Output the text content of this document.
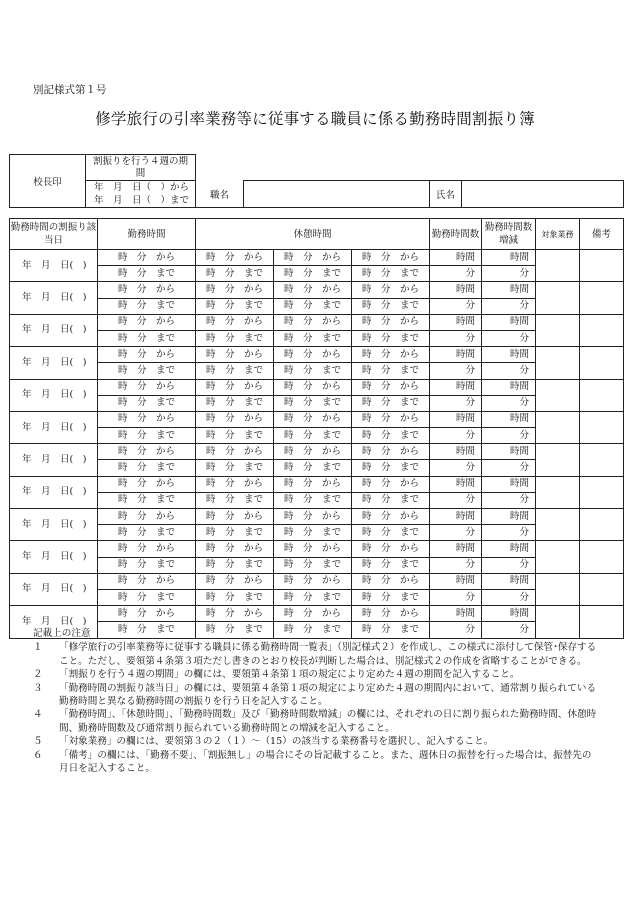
別記様式第１号
修学旅行の引率業務等に従事する職員に係る勤務時間割振り簿
校長印	割振りを行う４週の期間				

	年　月　日（　）から
年　月　日（　）まで	職名		氏名	
勤務時間の割振り該当日	勤務時間	休憩時間			勤務時間数	勤務時間数増減	対象業務	備考
年　月　日(　)	時　分　から	時　分　から	時　分　から	時　分　から	時間	時間		
	時　分　まで	時　分　まで	時　分　まで	時　分　まで	分	分		
年　月　日(　)	時　分　から	時　分　から	時　分　から	時　分　から	時間	時間		
	時　分　まで	時　分　まで	時　分　まで	時　分　まで	分	分		
年　月　日(　)	時　分　から	時　分　から	時　分　から	時　分　から	時間	時間		
	時　分　まで	時　分　まで	時　分　まで	時　分　まで	分	分		
年　月　日(　)	時　分　から	時　分　から	時　分　から	時　分　から	時間	時間		
	時　分　まで	時　分　まで	時　分　まで	時　分　まで	分	分		
年　月　日(　)	時　分　から	時　分　から	時　分　から	時　分　から	時間	時間		
	時　分　まで	時　分　まで	時　分　まで	時　分　まで	分	分		
年　月　日(　)	時　分　から	時　分　から	時　分　から	時　分　から	時間	時間		
	時　分　まで	時　分　まで	時　分　まで	時　分　まで	分	分		
年　月　日(　)	時　分　から	時　分　から	時　分　から	時　分　から	時間	時間		
	時　分　まで	時　分　まで	時　分　まで	時　分　まで	分	分		
年　月　日(　)	時　分　から	時　分　から	時　分　から	時　分　から	時間	時間		
	時　分　まで	時　分　まで	時　分　まで	時　分　まで	分	分		
年　月　日(　)	時　分　から	時　分　から	時　分　から	時　分　から	時間	時間		
	時　分　まで	時　分　まで	時　分　まで	時　分　まで	分	分		
年　月　日(　)	時　分　から	時　分　から	時　分　から	時　分　から	時間	時間		
	時　分　まで	時　分　まで	時　分　まで	時　分　まで	分	分		
年　月　日(　)	時　分　から	時　分　から	時　分　から	時　分　から	時間	時間		
	時　分　まで	時　分　まで	時　分　まで	時　分　まで	分	分		
年　月　日(　)	時　分　から	時　分　から	時　分　から	時　分　から	時間	時間		
	時　分　まで	時　分　まで	時　分　まで	時　分　まで	分	分		
記載上の注意
１	「修学旅行の引率業務等に従事する職員に係る勤務時間一覧表」（別記様式２）を作成し、この様式に添付して保管･保存すること。ただし、要領第４条第３項ただし書きのとおり校長が判断した場合は、別記様式２の作成を省略することができる。
２	「割振りを行う４週の期間」の欄には、要領第４条第１項の規定により定めた４週の期間を記入すること。
３	「勤務時間の割振り該当日」の欄には、要領第４条第１項の規定により定めた４週の期間内において、通常割り振られている勤務時間と異なる勤務時間の割振りを行う日を記入すること。
４	「勤務時間」、「休憩時間」、「勤務時間数」及び「勤務時間数増減」の欄には、それぞれの日に割り振られた勤務時間、休憩時間、勤務時間数及び通常割り振られている勤務時間との増減を記入すること。
５	「対象業務」の欄には、要領第３の２（１）～（15）の該当する業務番号を選択し、記入すること。
６	「備考」の欄には、「勤務不要」、「割振無し」の場合にその旨記載すること。また、週休日の振替を行った場合は、振替先の月日を記入すること。
